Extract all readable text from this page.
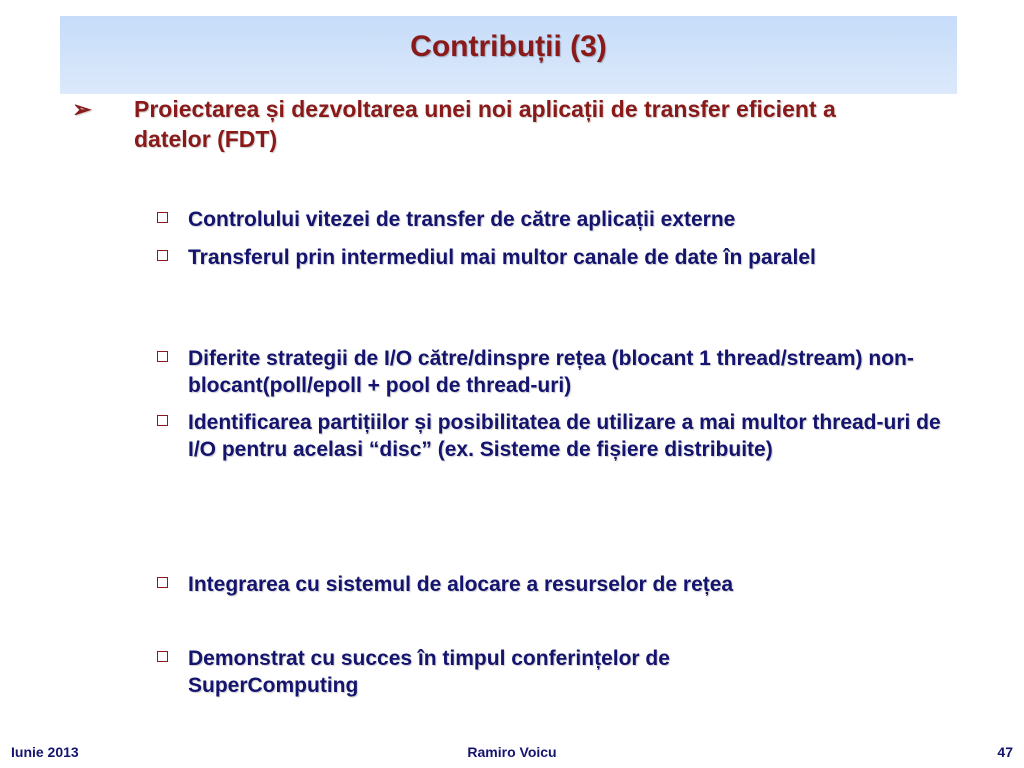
Contribuții (3)
➢ Proiectarea și dezvoltarea unei noi aplicații de transfer eficient a datelor (FDT)
Controlului vitezei de transfer de către aplicații externe
Transferul prin intermediul mai multor canale de date în paralel
Diferite strategii de I/O către/dinspre rețea (blocant 1 thread/stream) non-blocant(poll/epoll + pool de thread-uri)
Identificarea partițiilor și posibilitatea de utilizare a mai multor thread-uri de I/O pentru acelasi “disc” (ex. Sisteme de fișiere distribuite)
Integrarea cu sistemul de alocare a resurselor de rețea
Demonstrat cu succes în timpul conferințelor de SuperComputing
Iunie 2013	Ramiro Voicu	47
